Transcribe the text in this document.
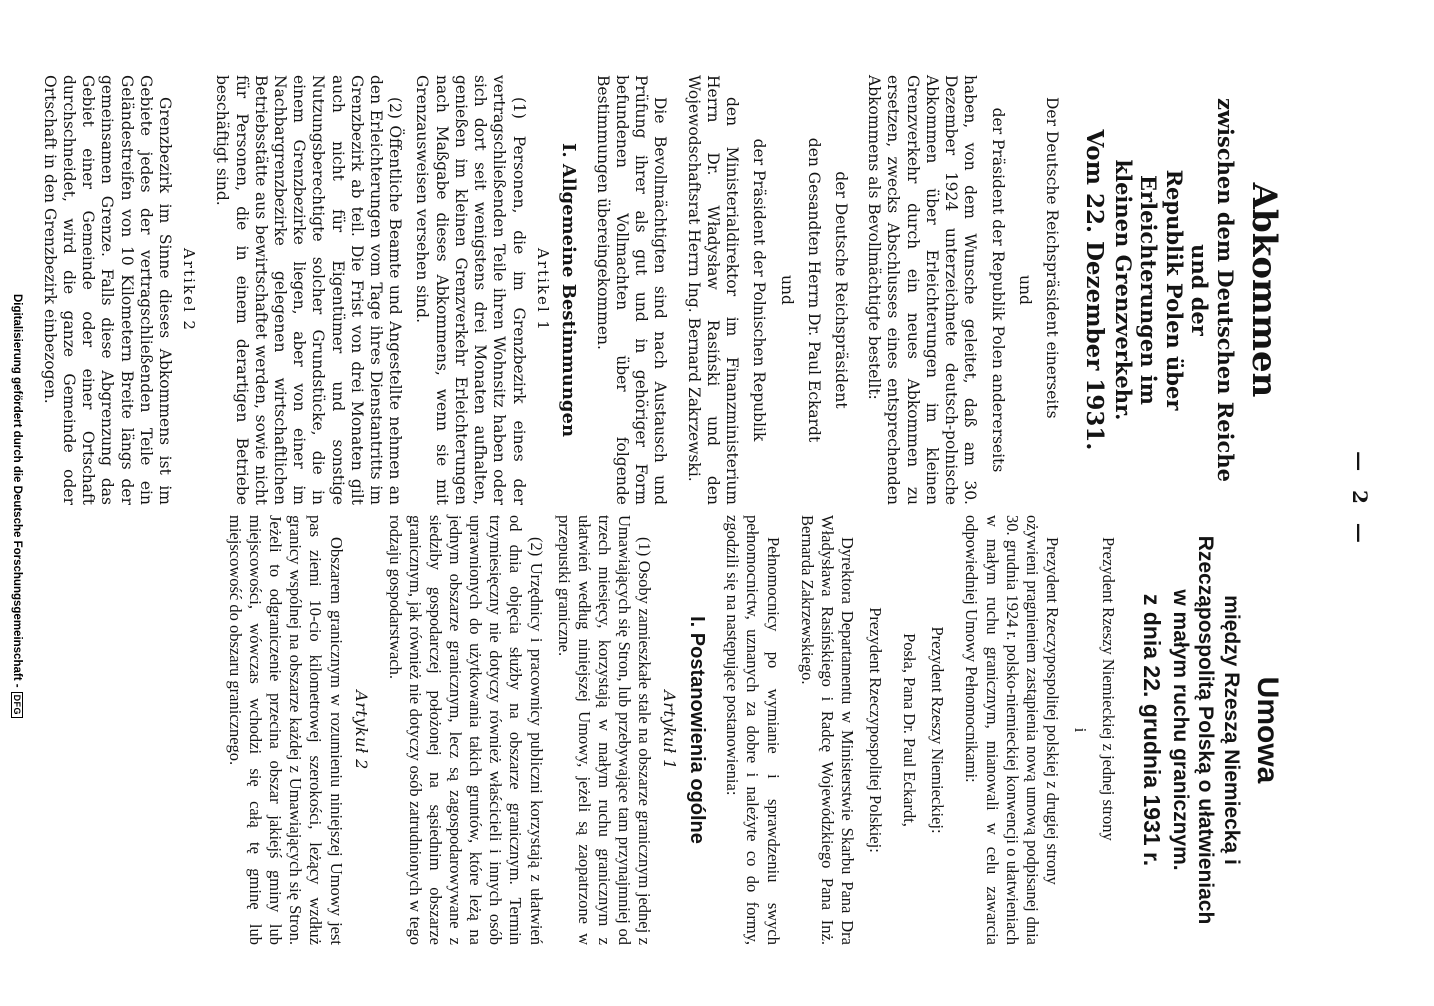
— 2 —
Abkommen
zwischen dem Deutschen Reiche und der
Republik Polen über Erleichterungen im
kleinen Grenzverkehr.
Vom 22. Dezember 1931.

Der Deutsche Reichspräsident einerseits

und

der Präsident der Republik Polen andererseits

haben, von dem Wunsche geleitet, daß am 30. Dezember 1924 unterzeichnete deutsch-polnische Abkommen über Erleichterungen im kleinen Grenzverkehr durch ein neues Abkommen zu ersetzen, zwecks Abschlusses eines entsprechenden Abkommens als Bevollmächtigte bestellt:

der Deutsche Reichspräsident

den Gesandten Herrn Dr. Paul Eckardt

und

der Präsident der Polnischen Republik

den Ministerialdirektor im Finanzministerium Herrn Dr. Władysław Rasiński und den Wojewodschaftsrat Herrn Ing. Bernard Zakrzewski.

Die Bevollmächtigten sind nach Austausch und Prüfung ihrer als gut und in gehöriger Form befundenen Vollmachten über folgende Bestimmungen übereingekommen.

I. Allgemeine Bestimmungen
Artikel 1

(1) Personen, die im Grenzbezirk eines der vertragschließenden Teile ihren Wohnsitz haben oder sich dort seit wenigstens drei Monaten aufhalten, genießen im kleinen Grenzverkehr Erleichterungen nach Maßgabe dieses Abkommens, wenn sie mit Grenzausweisen versehen sind.

(2) Öffentliche Beamte und Angestellte nehmen an den Erleichterungen vom Tage ihres Dienstantritts im Grenzbezirk ab teil. Die Frist von drei Monaten gilt auch nicht für Eigentümer und sonstige Nutzungsberechtigte solcher Grundstücke, die in einem Grenzbezirke liegen, aber von einer im Nachbargrenzbezirke gelegenen wirtschaftlichen Betriebsstätte aus bewirtschaftet werden, sowie nicht für Personen, die in einem derartigen Betriebe beschäftigt sind.

Artikel 2

Grenzbezirk im Sinne dieses Abkommens ist im Gebiete jedes der vertragschließenden Teile ein Geländestreifen von 10 Kilometern Breite längs der gemeinsamen Grenze. Falls diese Abgrenzung das Gebiet einer Gemeinde oder einer Ortschaft durchschneidet, wird die ganze Gemeinde oder Ortschaft in den Grenzbezirk einbezogen.

Umowa
między Rzeszą Niemiecką i
Rzecząpospolitą Polską o ułatwieniach
w małym ruchu granicznym.
z dnia 22. grudnia 1931 r.

Prezydent Rzeszy Niemieckiej z jednej strony

i

Prezydent Rzeczypospolitej polskiej z drugiej strony

ożywieni pragnieniem zastąpienia nową umową podpisanej dnia 30. grudnia 1924 r. polsko-niemieckiej konwencji o ułatwieniach w małym ruchu granicznym, mianowali w celu zawarcia odpowiedniej Umowy Pełnomocnikami:

Prezydent Rzeszy Niemieckiej:

Posła, Pana Dr. Paul Eckardt,

Prezydent Rzeczypospolitej Polskiej:

Dyrektora Departamentu w Ministerstwie Skarbu Pana Dra Władysława Rasińskiego i Radcę Wojewódzkiego Pana Inż. Bernarda Zakrzewskiego.

Pełnomocnicy po wymianie i sprawdzeniu swych pełnomocnictw, uznanych za dobre i należyte co do formy, zgodzili się na następujące postanowienia:

I. Postanowienia ogólne
Artykuł 1

(1) Osoby zamieszkałe stale na obszarze granicznym jednej z Umawiających się Stron, lub przebywające tam przynajmniej od trzech miesięcy, korzystają w małym ruchu granicznym z ułatwień według niniejszej Umowy, jeżeli są zaopatrzone w przepustki graniczne.

(2) Urzędnicy i pracownicy publiczni korzystają z ułatwień od dnia objęcia służby na obszarze granicznym. Termin trzymiesięczny nie dotyczy również właścicieli i innych osób uprawnionych do użytkowania takich gruntów, które leżą na jednym obszarze granicznym, lecz są zagospodarowywane z siedziby gospodarczej położonej na sąsiednim obszarze granicznym, jak również nie dotyczy osób zatrudnionych w tego rodzaju gospodarstwach.

Artykuł 2

Obszarem granicznym w rozumieniu niniejszej Umowy jest pas ziemi 10-cio kilometrowej szerokości, leżący wzdłuż granicy wspólnej na obszarze każdej z Umawiających się Stron. Jeżeli to odgraniczenie przecina obszar jakiejś gminy lub miejscowości, wówczas wchodzi się całą tę gminę lub miejscowość do obszaru granicznego.

Digitalisierung gefördert durch die Deutsche Forschungsgemeinschaft -DFG
